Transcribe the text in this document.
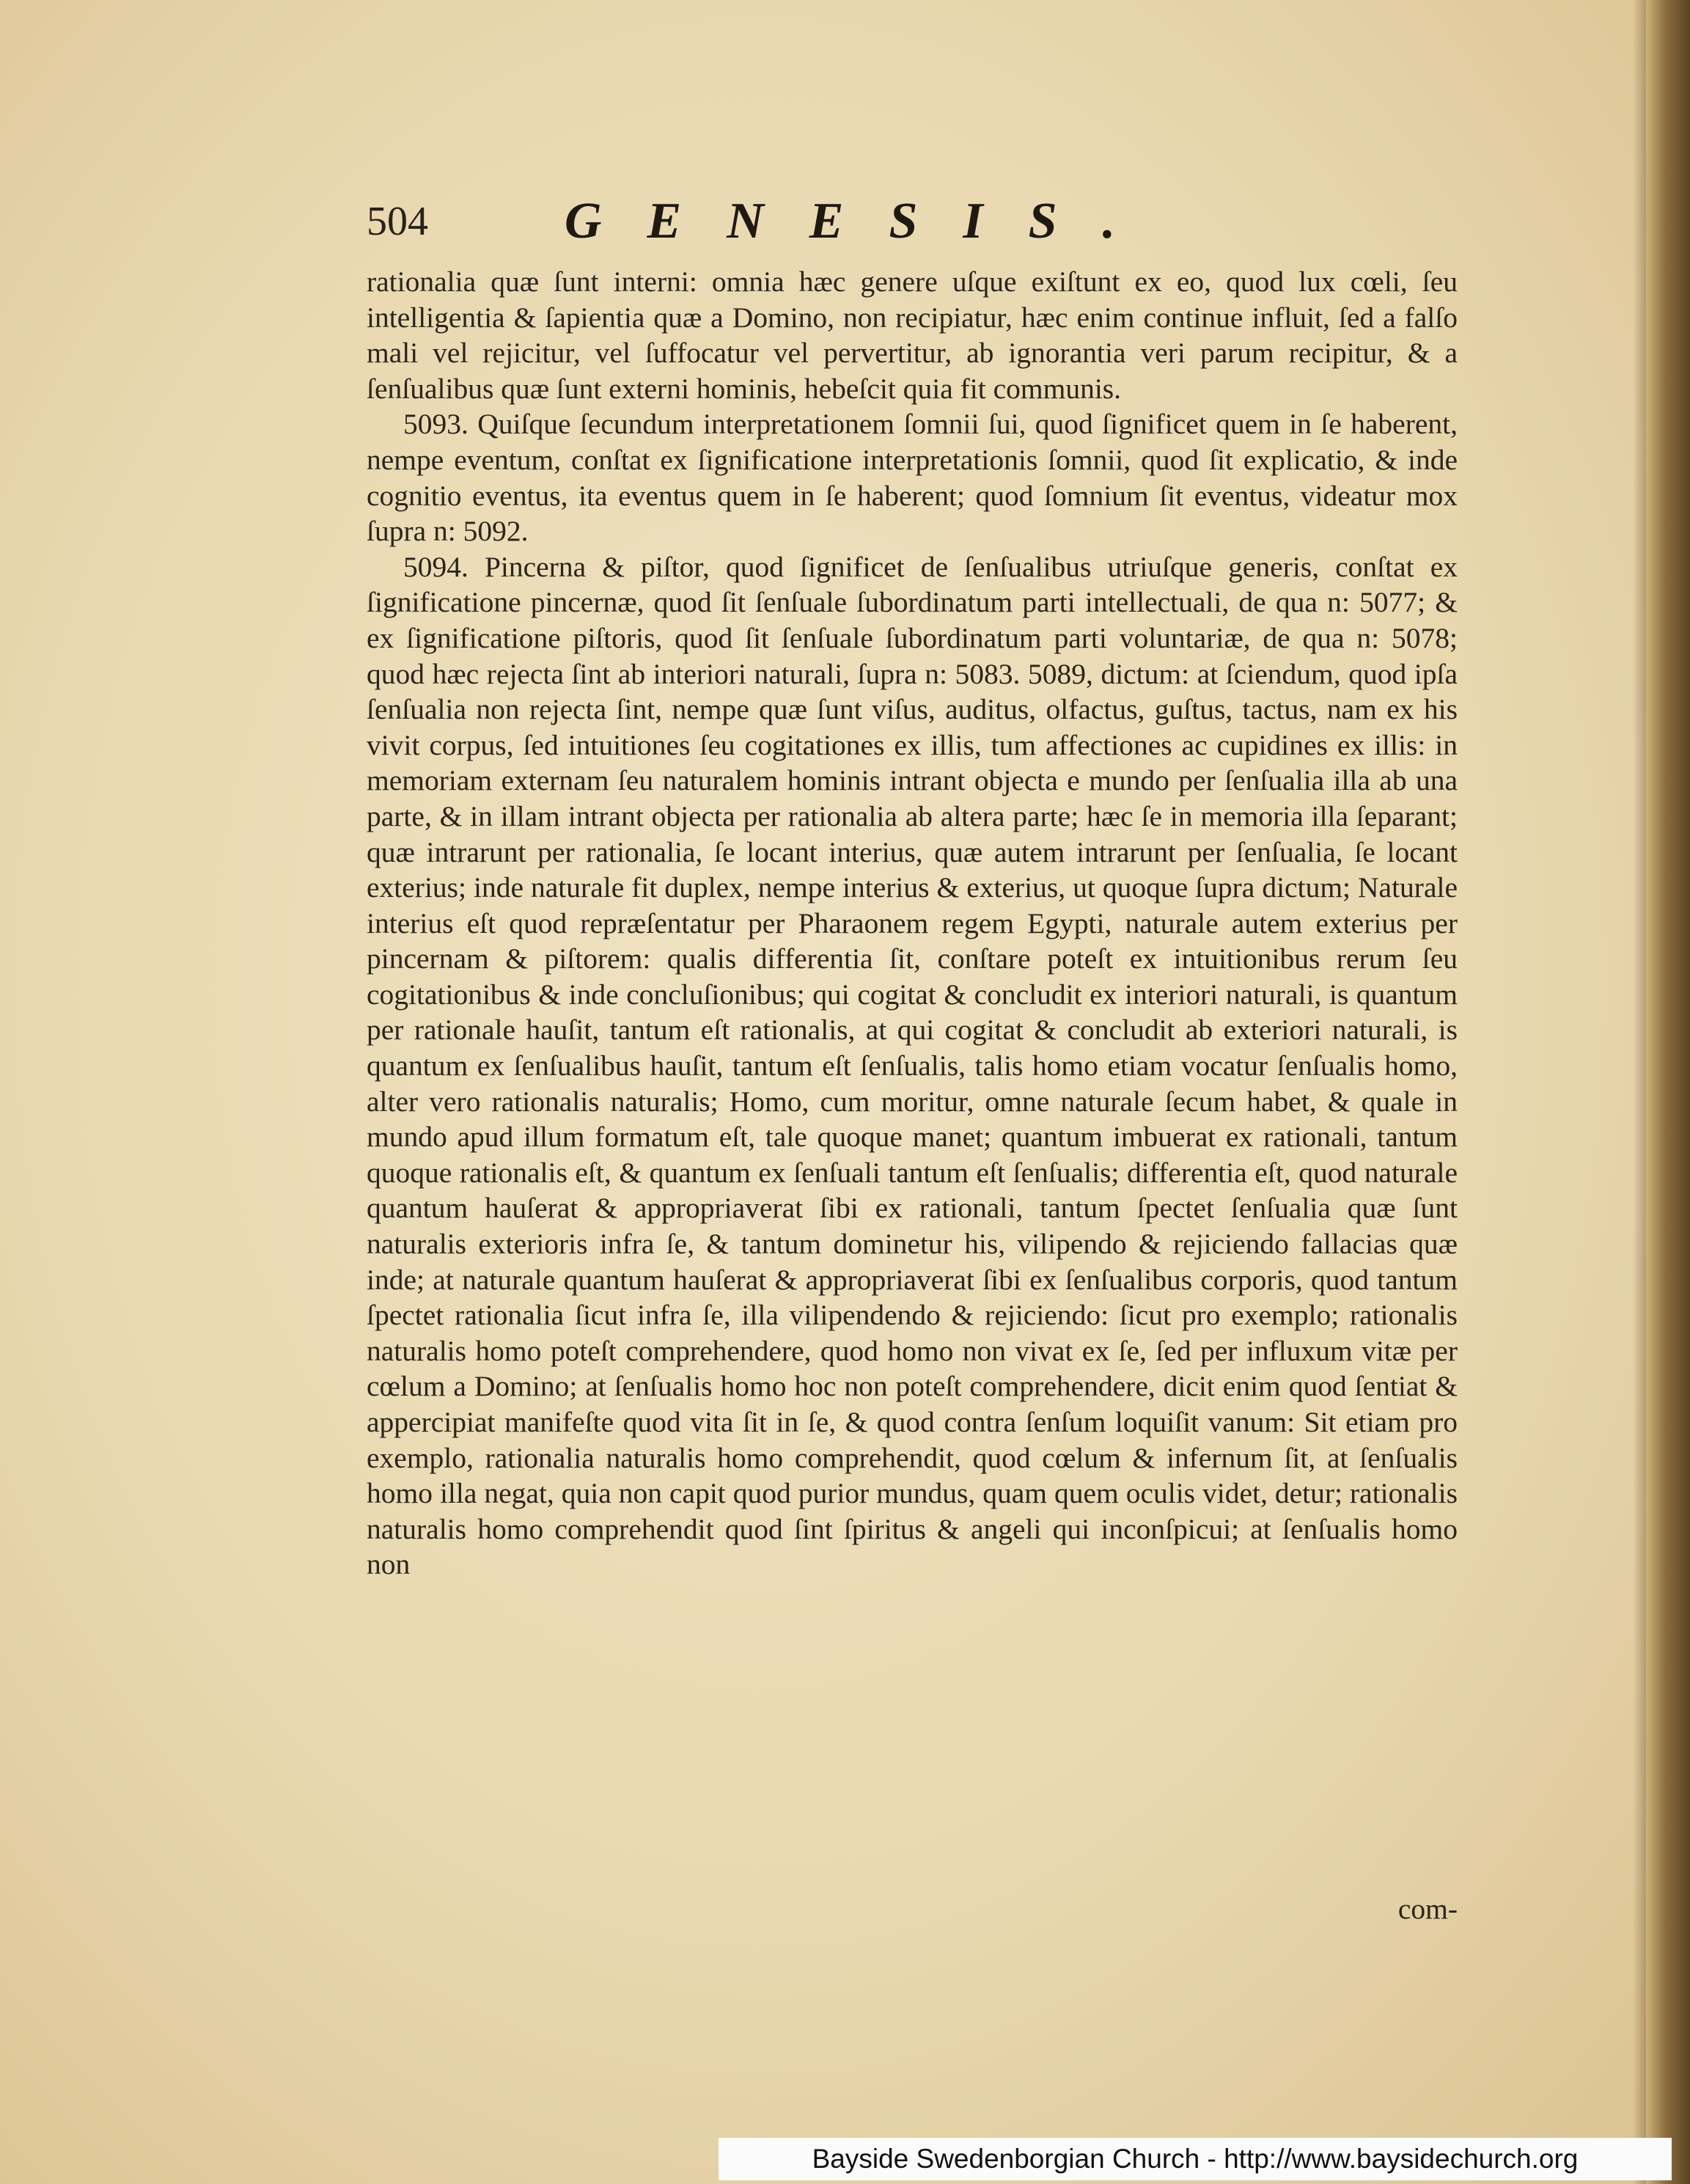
504	GENESIS.

rationalia quæ ſunt interni: omnia hæc genere uſque exiſtunt ex eo, quod lux cœli, ſeu intelligentia & ſapientia quæ a Domino, non recipiatur, hæc enim continue influit, ſed a falſo mali vel rejicitur, vel ſuffocatur vel pervertitur, ab ignorantia veri parum recipitur, & a ſenſualibus quæ ſunt externi hominis, hebeſcit quia fit communis.

5093. Quiſque ſecundum interpretationem ſomnii ſui, quod ſignificet quem in ſe haberent, nempe eventum, conſtat ex ſignificatione interpretationis ſomnii, quod ſit explicatio, & inde cognitio eventus, ita eventus quem in ſe haberent; quod ſomnium ſit eventus, videatur mox ſupra n: 5092.

5094. Pincerna & piſtor, quod ſignificet de ſenſualibus utriuſque generis, conſtat ex ſignificatione pincernæ, quod ſit ſenſuale ſubordinatum parti intellectuali, de qua n: 5077; & ex ſignificatione piſtoris, quod ſit ſenſuale ſubordinatum parti voluntariæ, de qua n: 5078; quod hæc rejecta ſint ab interiori naturali, ſupra n: 5083. 5089, dictum: at ſciendum, quod ipſa ſenſualia non rejecta ſint, nempe quæ ſunt viſus, auditus, olfactus, guſtus, tactus, nam ex his vivit corpus, ſed intuitiones ſeu cogitationes ex illis, tum affectiones ac cupidines ex illis: in memoriam externam ſeu naturalem hominis intrant objecta e mundo per ſenſualia illa ab una parte, & in illam intrant objecta per rationalia ab altera parte; hæc ſe in memoria illa ſeparant; quæ intrarunt per rationalia, ſe locant interius, quæ autem intrarunt per ſenſualia, ſe locant exterius; inde naturale fit duplex, nempe interius & exterius, ut quoque ſupra dictum; Naturale interius eſt quod repræſentatur per Pharaonem regem Egypti, naturale autem exterius per pincernam & piſtorem: qualis differentia ſit, conſtare poteſt ex intuitionibus rerum ſeu cogitationibus & inde concluſionibus; qui cogitat & concludit ex interiori naturali, is quantum per rationale hauſit, tantum eſt rationalis, at qui cogitat & concludit ab exteriori naturali, is quantum ex ſenſualibus hauſit, tantum eſt ſenſualis, talis homo etiam vocatur ſenſualis homo, alter vero rationalis naturalis; Homo, cum moritur, omne naturale ſecum habet, & quale in mundo apud illum formatum eſt, tale quoque manet; quantum imbuerat ex rationali, tantum quoque rationalis eſt, & quantum ex ſenſuali tantum eſt ſenſualis; differentia eſt, quod naturale quantum hauſerat & appropriaverat ſibi ex rationali, tantum ſpectet ſenſualia quæ ſunt naturalis exterioris infra ſe, & tantum dominetur his, vilipendo & rejiciendo fallacias quæ inde; at naturale quantum hauſerat & appropriaverat ſibi ex ſenſualibus corporis, quod tantum ſpectet rationalia ſicut infra ſe, illa vilipendendo & rejiciendo: ſicut pro exemplo; rationalis naturalis homo poteſt comprehendere, quod homo non vivat ex ſe, ſed per influxum vitæ per cœlum a Domino; at ſenſualis homo hoc non poteſt comprehendere, dicit enim quod ſentiat & appercipiat manifeſte quod vita ſit in ſe, & quod contra ſenſum loquiſit vanum: Sit etiam pro exemplo, rationalia naturalis homo comprehendit, quod cœlum & infernum ſit, at ſenſualis homo illa negat, quia non capit quod purior mundus, quam quem oculis videt, detur; rationalis naturalis homo comprehendit quod ſint ſpiritus & angeli qui inconſpicui; at ſenſualis homo non

com-
Bayside Swedenborgian Church - http://www.baysidechurch.org
